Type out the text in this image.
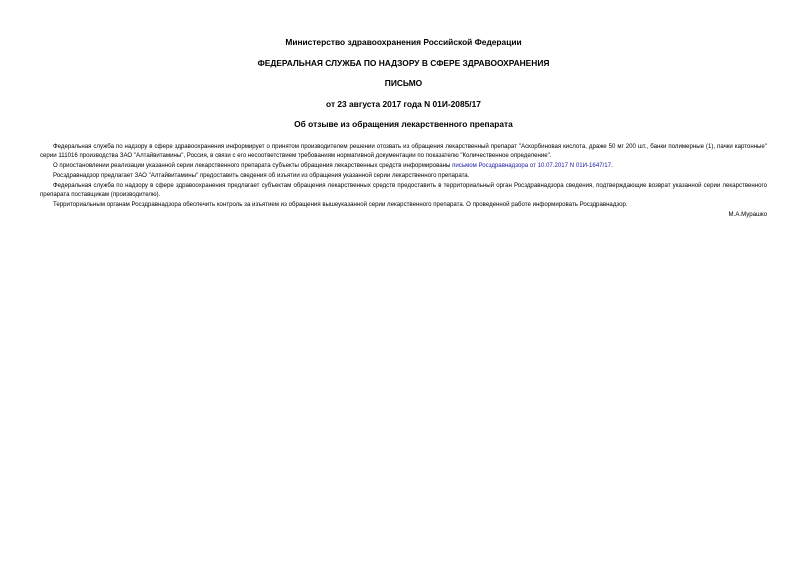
Министерство здравоохранения Российской Федерации
ФЕДЕРАЛЬНАЯ СЛУЖБА ПО НАДЗОРУ В СФЕРЕ ЗДРАВООХРАНЕНИЯ
ПИСЬМО
от 23 августа 2017 года N 01И-2085/17
Об отзыве из обращения лекарственного препарата

Федеральная служба по надзору в сфере здравоохранения информирует о принятом производителем решении отозвать из обращения лекарственный препарат "Аскорбиновая кислота, драже 50 мг 200 шт., банки полимерные (1), пачки картонные" серии 111016 производства ЗАО "Алтайвитамины", Россия, в связи с его несоответствием требованиям нормативной документации по показателю "Количественное определение".

О приостановлении реализации указанной серии лекарственного препарата субъекты обращения лекарственных средств информированы письмом Росздравнадзора от 10.07.2017 N 01И-1647/17.

Росздравнадзор предлагает ЗАО "Алтайвитамины" предоставить сведения об изъятии из обращения указанной серии лекарственного препарата.

Федеральная служба по надзору в сфере здравоохранения предлагает субъектам обращения лекарственных средств предоставить в территориальный орган Росздравнадзора сведения, подтверждающие возврат указанной серии лекарственного препарата поставщикам (производителю).

Территориальным органам Росздравнадзора обеспечить контроль за изъятием из обращения вышеуказанной серии лекарственного препарата. О проведенной работе информировать Росздравнадзор.

М.А.Мурашко
